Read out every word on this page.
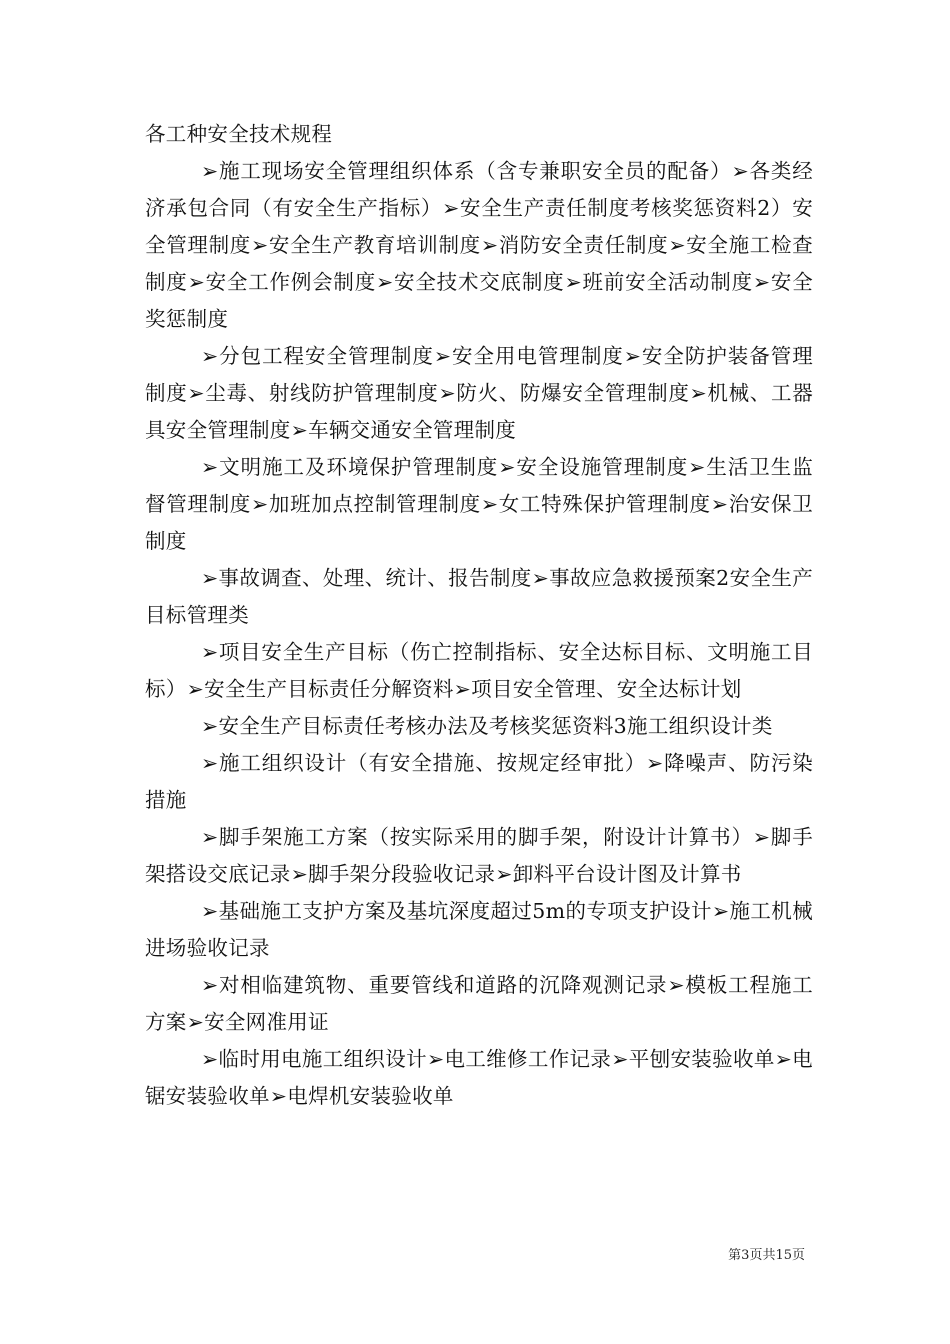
各工种安全技术规程

➢施工现场安全管理组织体系（含专兼职安全员的配备）➢各类经济承包合同（有安全生产指标）➢安全生产责任制度考核奖惩资料2）安全管理制度➢安全生产教育培训制度➢消防安全责任制度➢安全施工检查制度➢安全工作例会制度➢安全技术交底制度➢班前安全活动制度➢安全奖惩制度

➢分包工程安全管理制度➢安全用电管理制度➢安全防护装备管理制度➢尘毒、射线防护管理制度➢防火、防爆安全管理制度➢机械、工器具安全管理制度➢车辆交通安全管理制度

➢文明施工及环境保护管理制度➢安全设施管理制度➢生活卫生监督管理制度➢加班加点控制管理制度➢女工特殊保护管理制度➢治安保卫制度

➢事故调查、处理、统计、报告制度➢事故应急救援预案2安全生产目标管理类

➢项目安全生产目标（伤亡控制指标、安全达标目标、文明施工目标）➢安全生产目标责任分解资料➢项目安全管理、安全达标计划

➢安全生产目标责任考核办法及考核奖惩资料3施工组织设计类

➢施工组织设计（有安全措施、按规定经审批）➢降噪声、防污染措施

➢脚手架施工方案（按实际采用的脚手架，附设计计算书）➢脚手架搭设交底记录➢脚手架分段验收记录➢卸料平台设计图及计算书

➢基础施工支护方案及基坑深度超过5m的专项支护设计➢施工机械进场验收记录

➢对相临建筑物、重要管线和道路的沉降观测记录➢模板工程施工方案➢安全网准用证

➢临时用电施工组织设计➢电工维修工作记录➢平刨安装验收单➢电锯安装验收单➢电焊机安装验收单

第3页共15页
